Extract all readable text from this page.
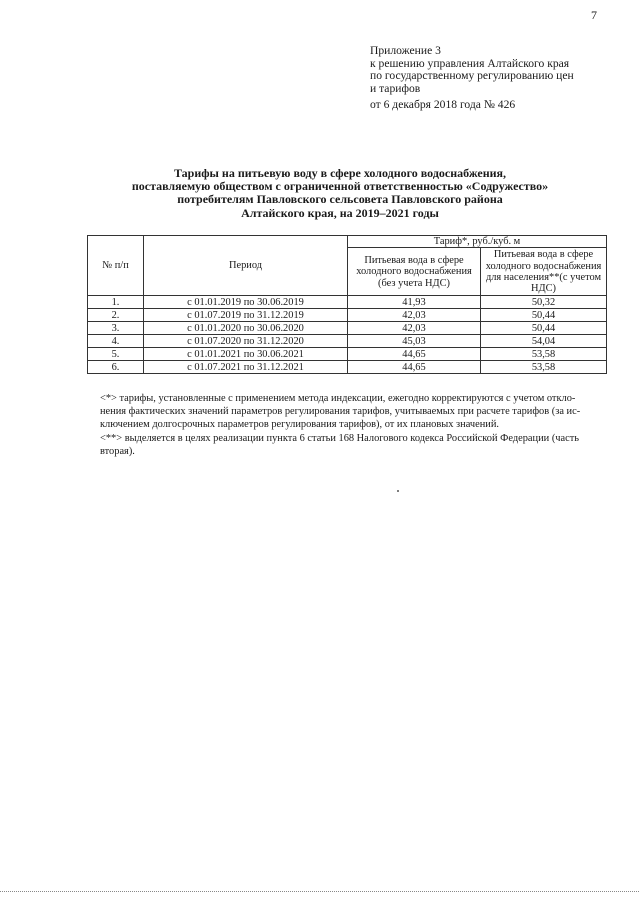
7
Приложение 3
к решению управления Алтайского края
по государственному регулированию цен
и тарифов
от 6 декабря 2018 года № 426
Тарифы на питьевую воду в сфере холодного водоснабжения,
поставляемую обществом с ограниченной ответственностью «Содружество»
потребителям Павловского сельсовета Павловского района
Алтайского края, на 2019–2021 годы
№ п/п	Период	Тариф*, руб./куб. м	
		Питьевая вода в сфере холодного водоснабжения (без учета НДС)	Питьевая вода в сфере холодного водоснабжения для населения**(с учетом НДС)
1.	с 01.01.2019 по 30.06.2019	41,93	50,32
2.	с 01.07.2019 по 31.12.2019	42,03	50,44
3.	с 01.01.2020 по 30.06.2020	42,03	50,44
4.	с 01.07.2020 по 31.12.2020	45,03	54,04
5.	с 01.01.2021 по 30.06.2021	44,65	53,58
6.	с 01.07.2021 по 31.12.2021	44,65	53,58
<*> тарифы, установленные с применением метода индексации, ежегодно корректируются с учетом откло-
нения фактических значений параметров регулирования тарифов, учитываемых при расчете тарифов (за ис-
ключением долгосрочных параметров регулирования тарифов), от их плановых значений.
<**> выделяется в целях реализации пункта 6 статьи 168 Налогового кодекса Российской Федерации (часть
вторая).
